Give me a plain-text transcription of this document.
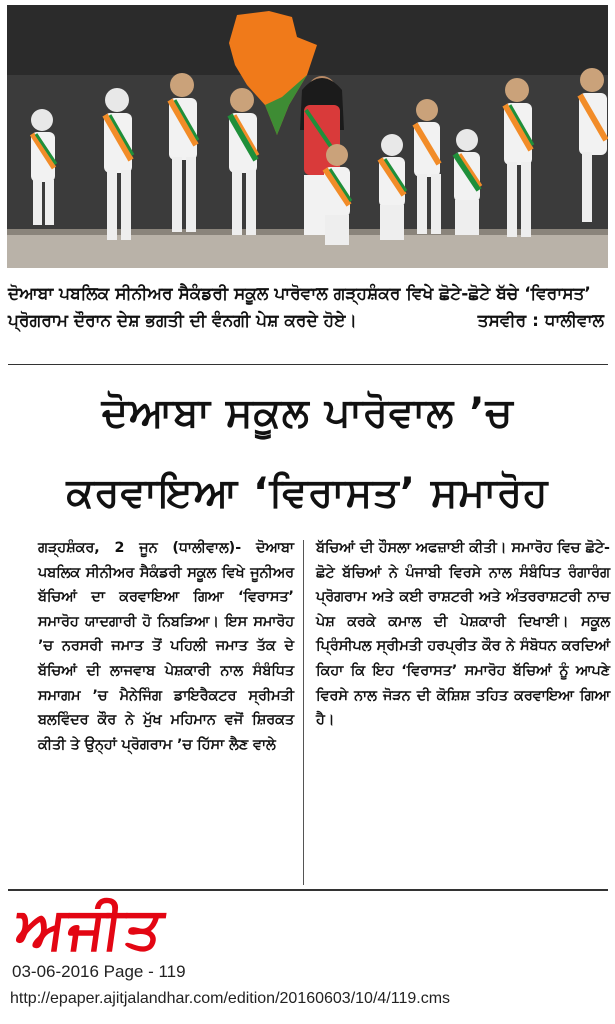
ਦੋਆਬਾ ਪਬਲਿਕ ਸੀਨੀਅਰ ਸੈਕੰਡਰੀ ਸਕੂਲ ਪਾਰੋਵਾਲ ਗੜ੍ਹਸ਼ੰਕਰ ਵਿਖੇ ਛੋਟੇ-ਛੋਟੇ ਬੱਚੇ ‘ਵਿਰਾਸਤ’ ਪ੍ਰੋਗਰਾਮ ਦੌਰਾਨ ਦੇਸ਼ ਭਗਤੀ ਦੀ ਵੰਨਗੀ ਪੇਸ਼ ਕਰਦੇ ਹੋਏ।	ਤਸਵੀਰ : ਧਾਲੀਵਾਲ
ਦੋਆਬਾ ਸਕੂਲ ਪਾਰੋਵਾਲ ’ਚ
ਕਰਵਾਇਆ ‘ਵਿਰਾਸਤ’ ਸਮਾਰੋਹ
ਗੜ੍ਹਸ਼ੰਕਰ, 2 ਜੂਨ (ਧਾਲੀਵਾਲ)- ਦੋਆਬਾ ਪਬਲਿਕ ਸੀਨੀਅਰ ਸੈਕੰਡਰੀ ਸਕੂਲ ਵਿਖੇ ਜੂਨੀਅਰ ਬੱਚਿਆਂ ਦਾ ਕਰਵਾਇਆ ਗਿਆ ‘ਵਿਰਾਸਤ’ ਸਮਾਰੋਹ ਯਾਦਗਾਰੀ ਹੋ ਨਿਬੜਿਆ। ਇਸ ਸਮਾਰੋਹ ’ਚ ਨਰਸਰੀ ਜਮਾਤ ਤੋਂ ਪਹਿਲੀ ਜਮਾਤ ਤੱਕ ਦੇ ਬੱਚਿਆਂ ਦੀ ਲਾਜਵਾਬ ਪੇਸ਼ਕਾਰੀ ਨਾਲ ਸੰਬੰਧਿਤ ਸਮਾਗਮ ’ਚ ਮੈਨੇਜਿੰਗ ਡਾਇਰੈਕਟਰ ਸ੍ਰੀਮਤੀ ਬਲਵਿੰਦਰ ਕੌਰ ਨੇ ਮੁੱਖ ਮਹਿਮਾਨ ਵਜੋਂ ਸ਼ਿਰਕਤ ਕੀਤੀ ਤੇ ਉਨ੍ਹਾਂ ਪ੍ਰੋਗਰਾਮ ’ਚ ਹਿੱਸਾ ਲੈਣ ਵਾਲੇ
ਬੱਚਿਆਂ ਦੀ ਹੌਸਲਾ ਅਫਜ਼ਾਈ ਕੀਤੀ। ਸਮਾਰੋਹ ਵਿਚ ਛੋਟੇ-ਛੋਟੇ ਬੱਚਿਆਂ ਨੇ ਪੰਜਾਬੀ ਵਿਰਸੇ ਨਾਲ ਸੰਬੰਧਿਤ ਰੰਗਾਰੰਗ ਪ੍ਰੋਗਰਾਮ ਅਤੇ ਕਈ ਰਾਸ਼ਟਰੀ ਅਤੇ ਅੰਤਰਰਾਸ਼ਟਰੀ ਨਾਚ ਪੇਸ਼ ਕਰਕੇ ਕਮਾਲ ਦੀ ਪੇਸ਼ਕਾਰੀ ਦਿਖਾਈ। ਸਕੂਲ ਪ੍ਰਿੰਸੀਪਲ ਸ੍ਰੀਮਤੀ ਹਰਪ੍ਰੀਤ ਕੌਰ ਨੇ ਸੰਬੋਧਨ ਕਰਦਿਆਂ ਕਿਹਾ ਕਿ ਇਹ ‘ਵਿਰਾਸਤ’ ਸਮਾਰੋਹ ਬੱਚਿਆਂ ਨੂੰ ਆਪਣੇ ਵਿਰਸੇ ਨਾਲ ਜੋੜਨ ਦੀ ਕੋਸ਼ਿਸ਼ ਤਹਿਤ ਕਰਵਾਇਆ ਗਿਆ ਹੈ।
ਅਜੀਤ
03-06-2016 Page - 119
http://epaper.ajitjalandhar.com/edition/20160603/10/4/119.cms
